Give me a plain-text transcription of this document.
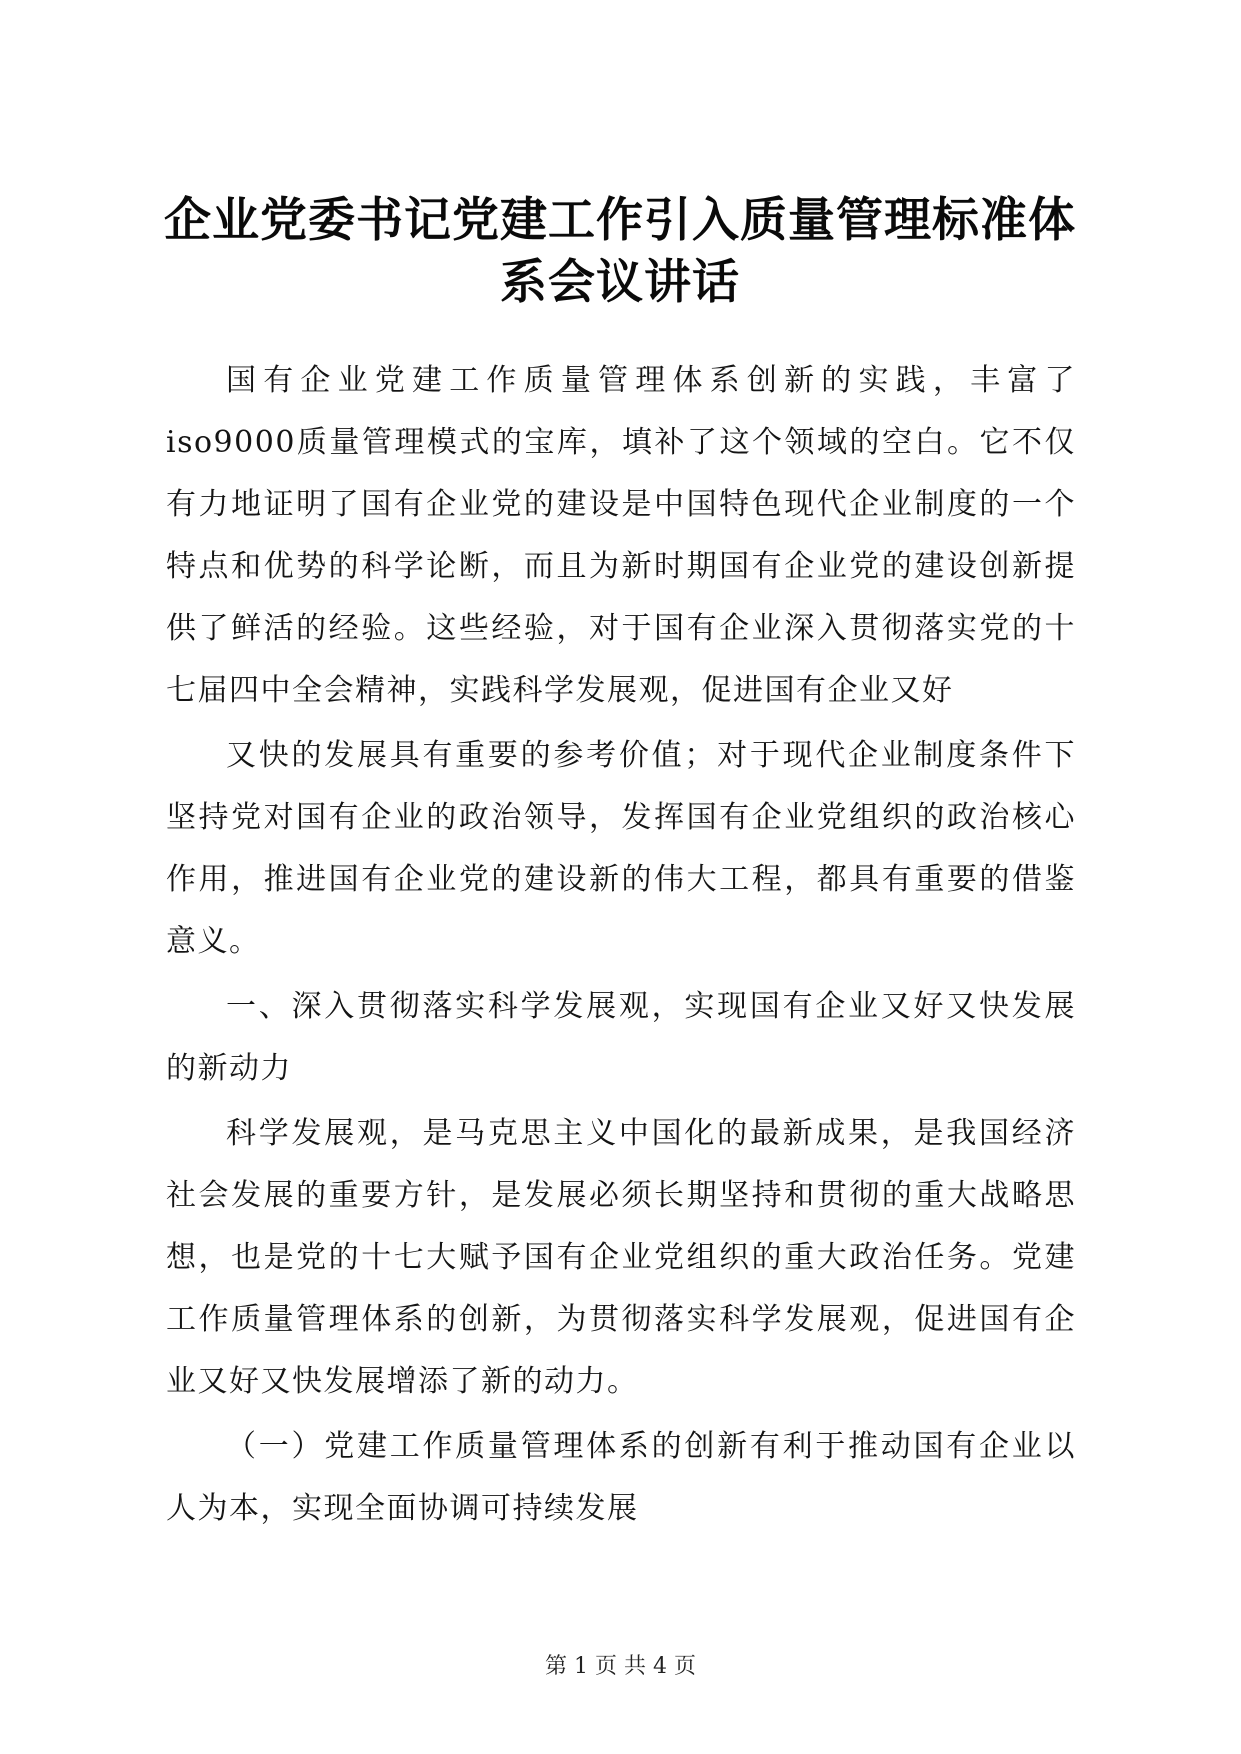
企业党委书记党建工作引入质量管理标准体系会议讲话

国有企业党建工作质量管理体系创新的实践，丰富了iso9000质量管理模式的宝库，填补了这个领域的空白。它不仅有力地证明了国有企业党的建设是中国特色现代企业制度的一个特点和优势的科学论断，而且为新时期国有企业党的建设创新提供了鲜活的经验。这些经验，对于国有企业深入贯彻落实党的十七届四中全会精神，实践科学发展观，促进国有企业又好

又快的发展具有重要的参考价值；对于现代企业制度条件下坚持党对国有企业的政治领导，发挥国有企业党组织的政治核心作用，推进国有企业党的建设新的伟大工程，都具有重要的借鉴意义。

一、深入贯彻落实科学发展观，实现国有企业又好又快发展的新动力

科学发展观，是马克思主义中国化的最新成果，是我国经济社会发展的重要方针，是发展必须长期坚持和贯彻的重大战略思想，也是党的十七大赋予国有企业党组织的重大政治任务。党建工作质量管理体系的创新，为贯彻落实科学发展观，促进国有企业又好又快发展增添了新的动力。

（一）党建工作质量管理体系的创新有利于推动国有企业以人为本，实现全面协调可持续发展

第 1 页 共 4 页
